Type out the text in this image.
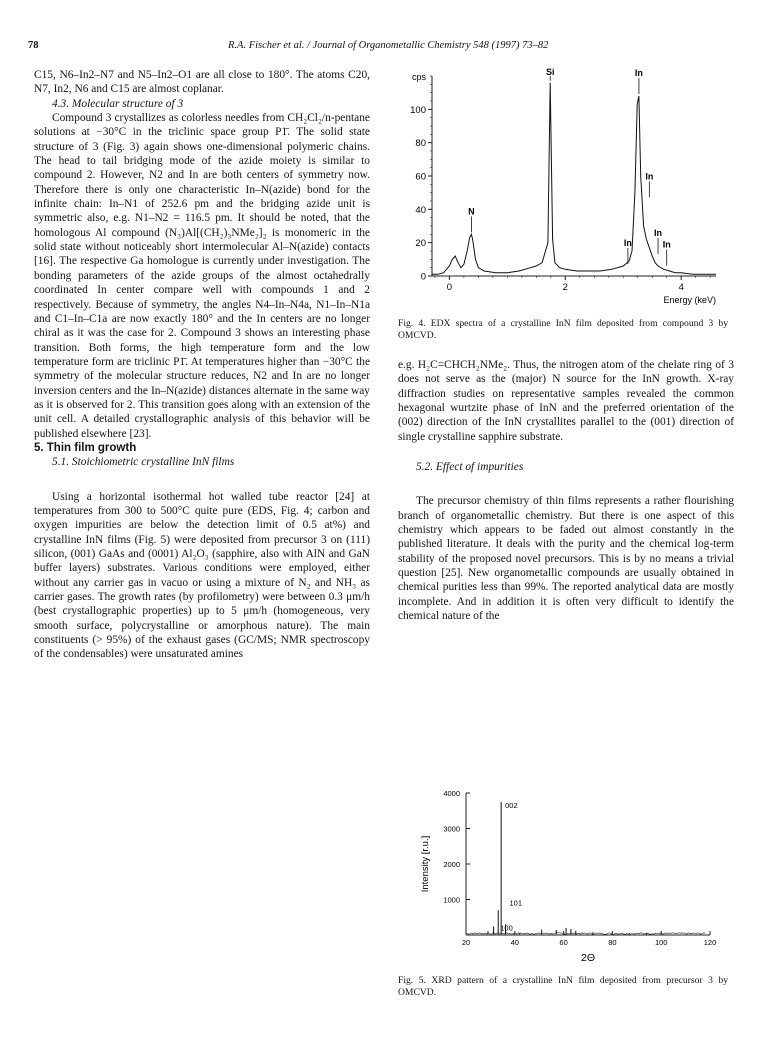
78	R.A. Fischer et al. / Journal of Organometallic Chemistry 548 (1997) 73–82

C15, N6–In2–N7 and N5–In2–O1 are all close to 180°. The atoms C20, N7, In2, N6 and C15 are almost coplanar.

4.3. Molecular structure of 3

Compound 3 crystallizes as colorless needles from CH₂Cl₂/n-pentane solutions at −30°C in the triclinic space group P1̄. The solid state structure of 3 (Fig. 3) again shows one-dimensional polymeric chains. The head to tail bridging mode of the azide moiety is similar to compound 2. However, N2 and In are both centers of symmetry now. Therefore there is only one characteristic In–N(azide) bond for the infinite chain: In–N1 of 252.6 pm and the bridging azide unit is symmetric also, e.g. N1–N2 = 116.5 pm. It should be noted, that the homologous Al compound (N₃)Al[(CH₂)₃NMe₂]₂ is monomeric in the solid state without noticeably short intermolecular Al–N(azide) contacts [16]. The respective Ga homologue is currently under investigation. The bonding parameters of the azide groups of the almost octahedrally coordinated In center compare well with compounds 1 and 2 respectively. Because of symmetry, the angles N4–In–N4a, N1–In–N1a and C1–In–C1a are now exactly 180° and the In centers are no longer chiral as it was the case for 2. Compound 3 shows an interesting phase transition. Both forms, the high temperature form and the low temperature form are triclinic P1̄. At temperatures higher than −30°C the symmetry of the molecular structure reduces, N2 and In are no longer inversion centers and the In–N(azide) distances alternate in the same way as it is observed for 2. This transition goes along with an extension of the unit cell. A detailed crystallographic analysis of this behavior will be published elsewhere [23].

5. Thin film growth

5.1. Stoichiometric crystalline InN films

Using a horizontal isothermal hot walled tube reactor [24] at temperatures from 300 to 500°C quite pure (EDS, Fig. 4; carbon and oxygen impurities are below the detection limit of 0.5 at%) and crystalline InN films (Fig. 5) were deposited from precursor 3 on (111) silicon, (001) GaAs and (0001) Al₂O₃ (sapphire, also with AlN and GaN buffer layers) substrates. Various conditions were employed, either without any carrier gas in vacuo or using a mixture of N₂ and NH₃ as carrier gases. The growth rates (by profilometry) were between 0.3 μm/h (best crystallographic properties) up to 5 μm/h (homogeneous, very smooth surface, polycrystalline or amorphous nature). The main constituents (> 95%) of the exhaust gases (GC/MS; NMR spectroscopy of the condensables) were unsaturated amines

cps
0
20
40
60
80
100
0	2	4
Energy (keV)
Si	In
In
In
In
In
N
Fig. 4. EDX spectra of a crystalline InN film deposited from compound 3 by OMCVD.

e.g. H₂C=CHCH₂NMe₂. Thus, the nitrogen atom of the chelate ring of 3 does not serve as the (major) N source for the InN growth. X-ray diffraction studies on representative samples revealed the common hexagonal wurtzite phase of InN and the preferred orientation of the (002) direction of the InN crystallites parallel to the (001) direction of single crystalline sapphire substrate.

5.2. Effect of impurities

The precursor chemistry of thin films represents a rather flourishing branch of organometallic chemistry. But there is one aspect of this chemistry which appears to be faded out almost constantly in the published literature. It deals with the purity and the chemical log-term stability of the proposed novel precursors. This is by no means a trivial question [25]. New organometallic compounds are usually obtained in chemical purities less than 99%. The reported analytical data are mostly incomplete. And in addition it is often very difficult to identify the chemical nature of the

1000
2000
3000
4000
20	40	60	80	100	120
Intensity [r.u.]
2Θ
002
101
100
Fig. 5. XRD pattern of a crystalline InN film deposited from precursor 3 by OMCVD.
